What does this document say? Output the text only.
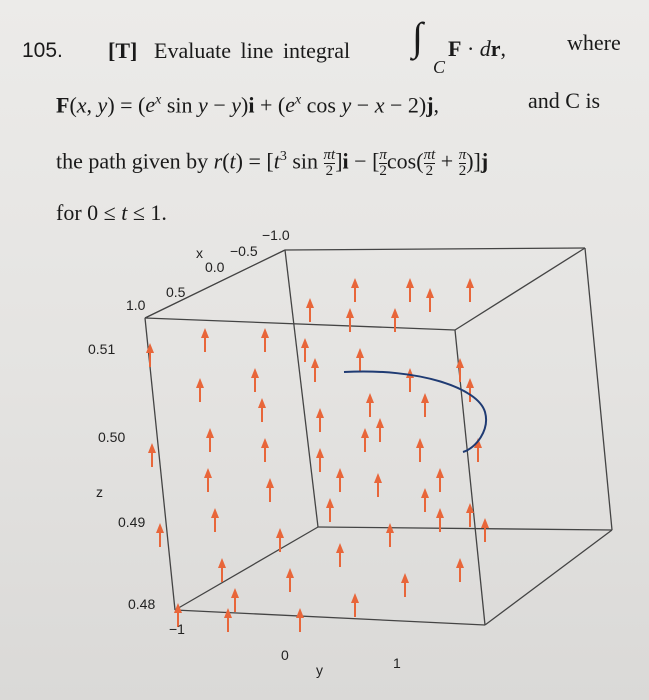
105. [T] Evaluate line integral ∫
C
F · dr,	where
F(x, $y) = (e^x$ $\sin y - y)i + (e^x$ cos y − x − 2)j,	and C is
the path given by $r(t) = [t^3$ $\sin \frac{\pi t}{2} ]i - [\frac{\pi}{2} \cos(\frac{\pi t}{2} + \frac{\pi}{2} )]j$
for 0 ≤ t ≤ 1.
x
1.0
0.5
0.0
−0.5
−1.0
0.51
0.50
z
0.49
0.48
−1
0	1
y
